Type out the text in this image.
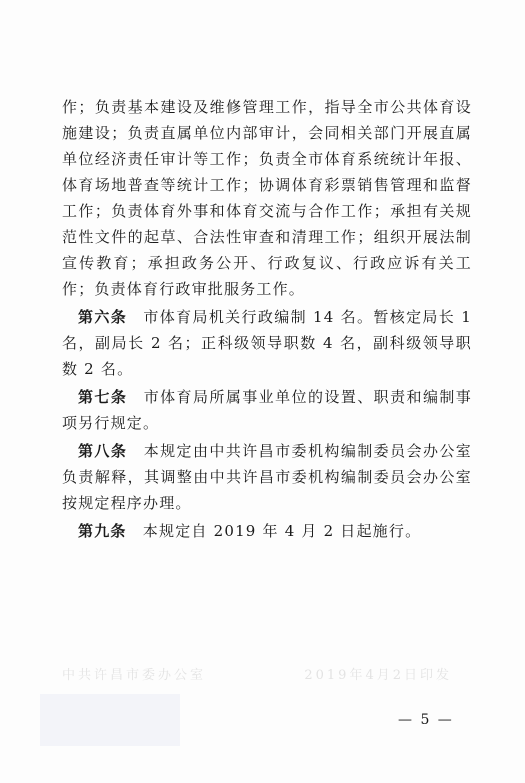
作；负责基本建设及维修管理工作，指导全市公共体育设施建设；负责直属单位内部审计，会同相关部门开展直属单位经济责任审计等工作；负责全市体育系统统计年报、体育场地普查等统计工作；协调体育彩票销售管理和监督工作；负责体育外事和体育交流与合作工作；承担有关规范性文件的起草、合法性审查和清理工作；组织开展法制宣传教育；承担政务公开、行政复议、行政应诉有关工作；负责体育行政审批服务工作。

第六条　市体育局机关行政编制 14 名。暂核定局长 1 名，副局长 2 名；正科级领导职数 4 名，副科级领导职数 2 名。

第七条　市体育局所属事业单位的设置、职责和编制事项另行规定。

第八条　本规定由中共许昌市委机构编制委员会办公室负责解释，其调整由中共许昌市委机构编制委员会办公室按规定程序办理。

第九条　本规定自 2019 年 4 月 2 日起施行。

中共许昌市委办公室	2019年4月2日印发
— 5 —
